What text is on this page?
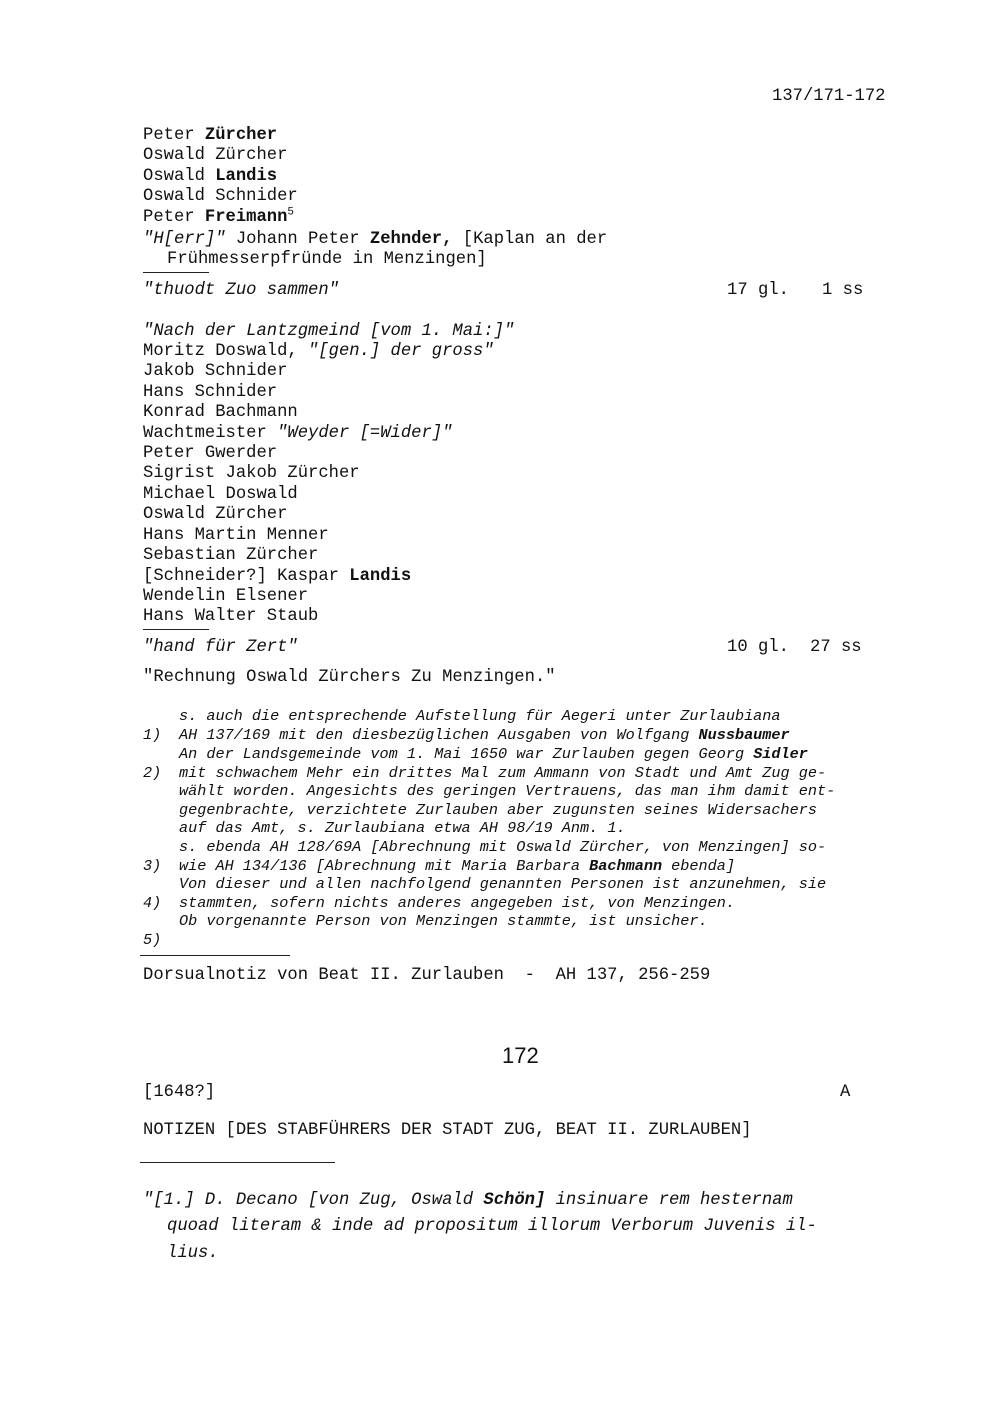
137/171-172
Peter Zürcher
Oswald Zürcher
Oswald Landis
Oswald Schnider
Peter Freimann$^5$
"H[err]" Johann Peter Zehnder, [Kaplan an der
Frühmesserpfründe in Menzingen]
"thuodt Zuo sammen"	17 gl. 1 ss
"Nach der Lantzgmeind [vom 1. Mai:]"
Moritz Doswald, "[gen.] der gross"
Jakob Schnider
Hans Schnider
Konrad Bachmann
Wachtmeister "Weyder [=Wider]"
Peter Gwerder
Sigrist Jakob Zürcher
Michael Doswald
Oswald Zürcher
Hans Martin Menner
Sebastian Zürcher
[Schneider?] Kaspar Landis
Wendelin Elsener
Hans Walter Staub
"hand für Zert"	10 gl. 27 ss
"Rechnung Oswald Zürchers Zu Menzingen."

1)

s. auch die entsprechende Aufstellung für Aegeri unter Zurlaubiana

AH 137/169 mit den diesbezüglichen Ausgaben von Wolfgang Nussbaumer

2)

An der Landsgemeinde vom 1. Mai 1650 war Zurlauben gegen Georg Sidler

mit schwachem Mehr ein drittes Mal zum Ammann von Stadt und Amt Zug ge-

wählt worden. Angesichts des geringen Vertrauens, das man ihm damit ent-

gegenbrachte, verzichtete Zurlauben aber zugunsten seines Widersachers

auf das Amt, s. Zurlaubiana etwa AH 98/19 Anm. 1.

3)

s. ebenda AH 128/69A [Abrechnung mit Oswald Zürcher, von Menzingen] so-

wie AH 134/136 [Abrechnung mit Maria Barbara Bachmann ebenda]

4)

Von dieser und allen nachfolgend genannten Personen ist anzunehmen, sie

stammten, sofern nichts anderes angegeben ist, von Menzingen.

5)

Ob vorgenannte Person von Menzingen stammte, ist unsicher.

Dorsualnotiz von Beat II. Zurlauben  -  AH 137, 256-259
172
[1648?]	A
NOTIZEN [DES STABFÜHRERS DER STADT ZUG, BEAT II. ZURLAUBEN]
"[1.] D. Decano [von Zug, Oswald Schön] insinuare rem hesternam
quoad literam & inde ad propositum illorum Verborum Juvenis il-
lius.
